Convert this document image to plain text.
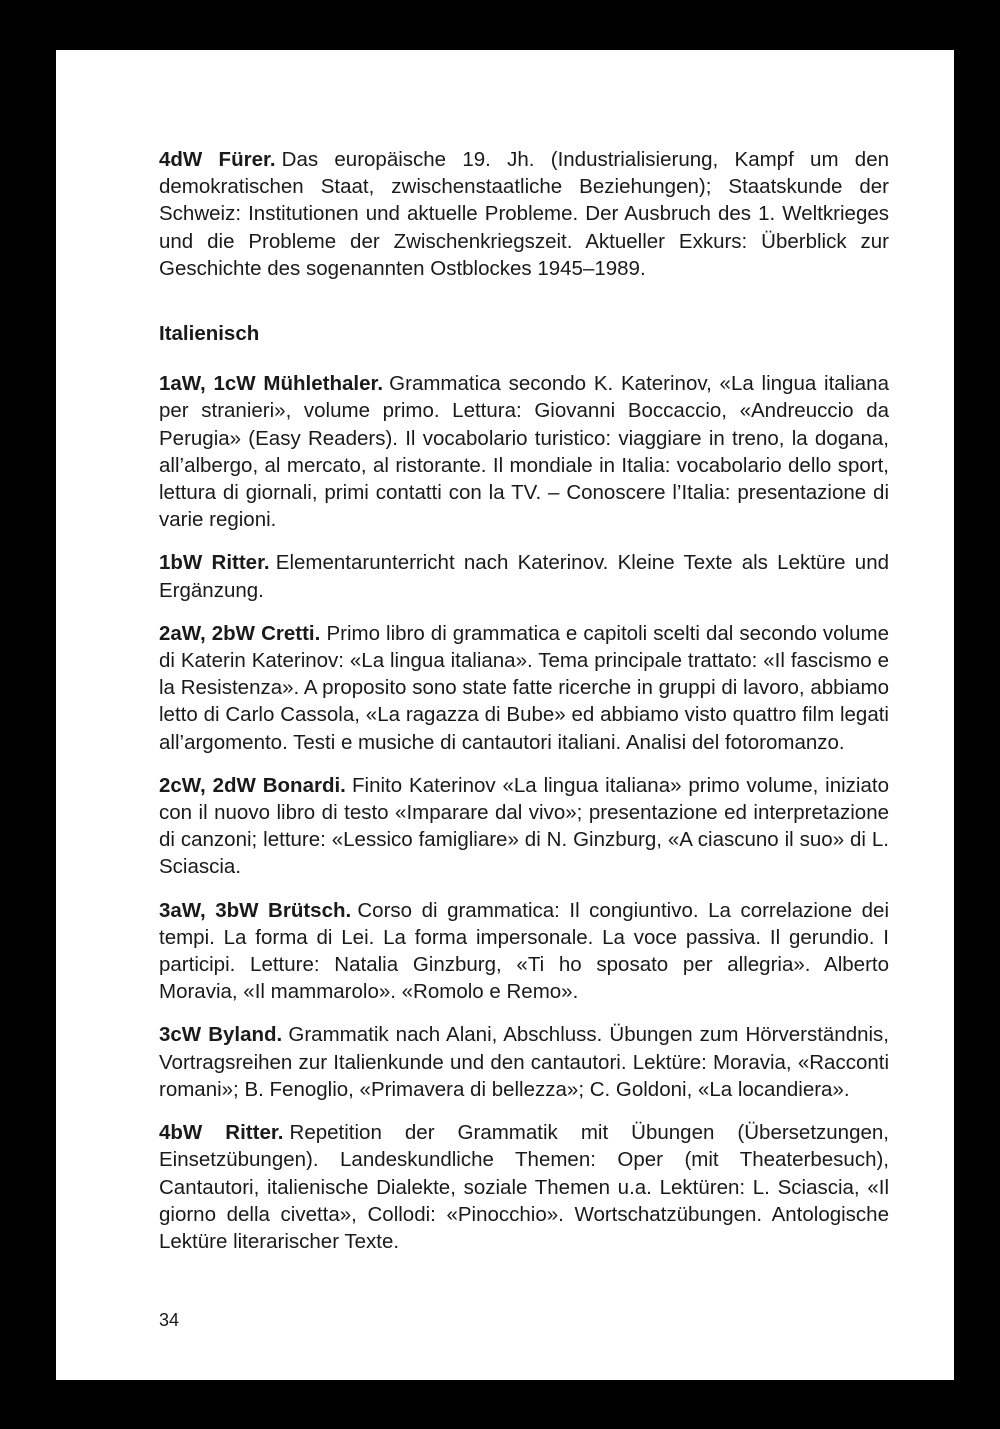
4dW Fürer. Das europäische 19. Jh. (Industrialisierung, Kampf um den demokratischen Staat, zwischenstaatliche Beziehungen); Staatskunde der Schweiz: Institutionen und aktuelle Probleme. Der Ausbruch des 1. Weltkrieges und die Probleme der Zwischenkriegszeit. Aktueller Exkurs: Überblick zur Geschichte des sogenannten Ostblockes 1945–1989.

Italienisch

1aW, 1cW Mühlethaler. Grammatica secondo K. Katerinov, «La lingua italiana per stranieri», volume primo. Lettura: Giovanni Boccaccio, «Andreuccio da Perugia» (Easy Readers). Il vocabolario turistico: viaggiare in treno, la dogana, all’albergo, al mercato, al ristorante. Il mondiale in Italia: vocabolario dello sport, lettura di giornali, primi contatti con la TV. – Conoscere l’Italia: presentazione di varie regioni.

1bW Ritter. Elementarunterricht nach Katerinov. Kleine Texte als Lektüre und Ergänzung.

2aW, 2bW Cretti. Primo libro di grammatica e capitoli scelti dal secondo volume di Katerin Katerinov: «La lingua italiana». Tema principale trattato: «Il fascismo e la Resistenza». A proposito sono state fatte ricerche in gruppi di lavoro, abbiamo letto di Carlo Cassola, «La ragazza di Bube» ed abbiamo visto quattro film legati all’argomento. Testi e musiche di cantautori italiani. Analisi del fotoromanzo.

2cW, 2dW Bonardi. Finito Katerinov «La lingua italiana» primo volume, iniziato con il nuovo libro di testo «Imparare dal vivo»; presentazione ed interpretazione di canzoni; letture: «Lessico famigliare» di N. Ginzburg, «A ciascuno il suo» di L. Sciascia.

3aW, 3bW Brütsch. Corso di grammatica: Il congiuntivo. La correlazione dei tempi. La forma di Lei. La forma impersonale. La voce passiva. Il gerundio. I participi. Letture: Natalia Ginzburg, «Ti ho sposato per allegria». Alberto Moravia, «Il mammarolo». «Romolo e Remo».

3cW Byland. Grammatik nach Alani, Abschluss. Übungen zum Hörverständnis, Vortragsreihen zur Italienkunde und den cantautori. Lektüre: Moravia, «Racconti romani»; B. Fenoglio, «Primavera di bellezza»; C. Goldoni, «La locandiera».

4bW Ritter. Repetition der Grammatik mit Übungen (Übersetzungen, Einsetzübungen). Landeskundliche Themen: Oper (mit Theaterbesuch), Cantautori, italienische Dialekte, soziale Themen u.a. Lektüren: L. Sciascia, «Il giorno della civetta», Collodi: «Pinocchio». Wortschatzübungen. Antologische Lektüre literarischer Texte.

34
